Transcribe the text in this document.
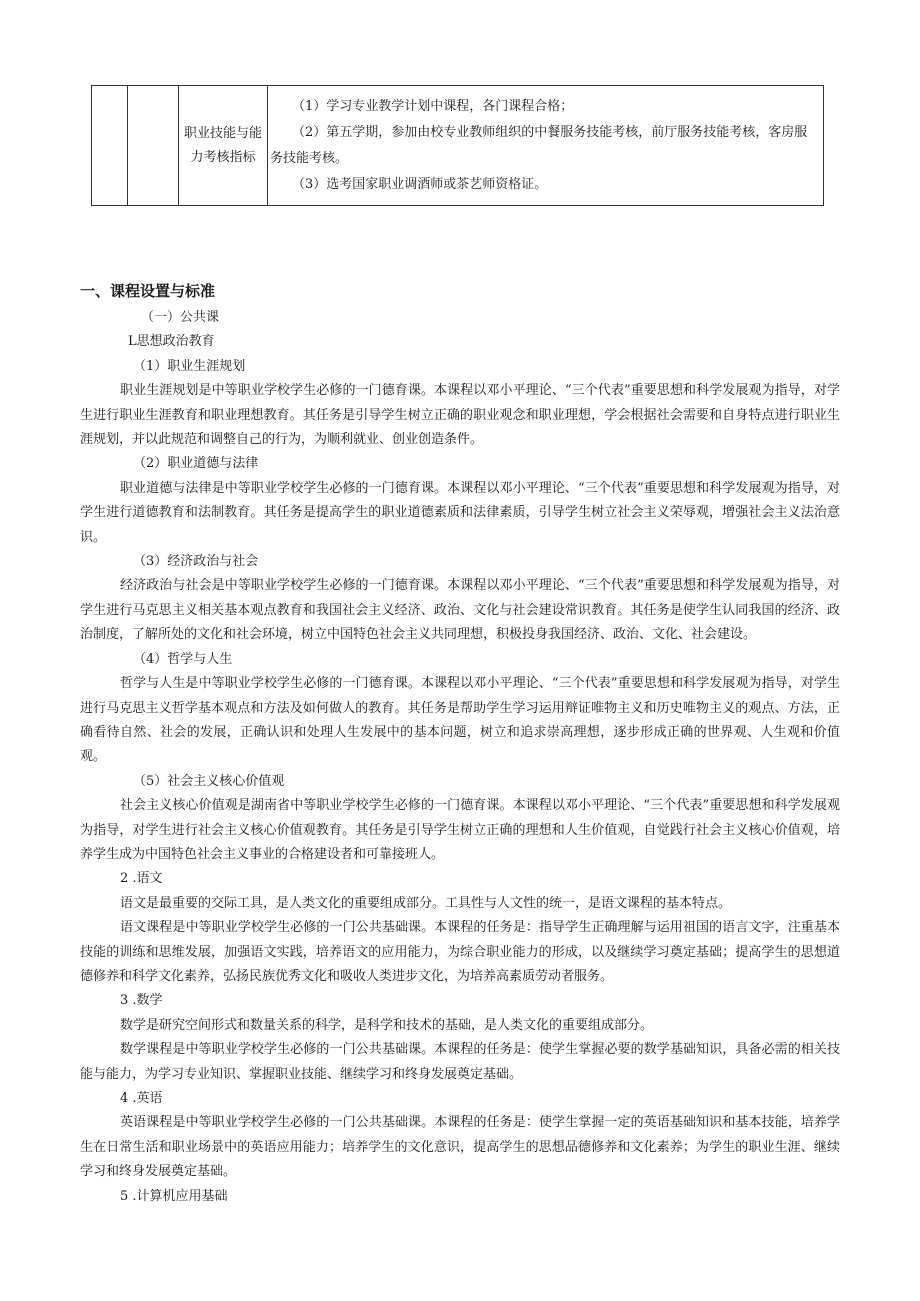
		职业技能与能力考核指标	

（1）学习专业教学计划中课程，各门课程合格；

（2）第五学期，参加由校专业教师组织的中餐服务技能考核，前厅服务技能考核，客房服务技能考核。

（3）选考国家职业调酒师或茶艺师资格证。

一、课程设置与标准

（一）公共课

L思想政治教育

（1）职业生涯规划

职业生涯规划是中等职业学校学生必修的一门德育课。本课程以邓小平理论、“三个代表”重要思想和科学发展观为指导，对学生进行职业生涯教育和职业理想教育。其任务是引导学生树立正确的职业观念和职业理想，学会根据社会需要和自身特点进行职业生涯规划，并以此规范和调整自己的行为，为顺利就业、创业创造条件。

（2）职业道德与法律

职业道德与法律是中等职业学校学生必修的一门德育课。本课程以邓小平理论、“三个代表”重要思想和科学发展观为指导，对学生进行道德教育和法制教育。其任务是提高学生的职业道德素质和法律素质，引导学生树立社会主义荣辱观，增强社会主义法治意识。

（3）经济政治与社会

经济政治与社会是中等职业学校学生必修的一门德育课。本课程以邓小平理论、“三个代表”重要思想和科学发展观为指导，对学生进行马克思主义相关基本观点教育和我国社会主义经济、政治、文化与社会建设常识教育。其任务是使学生认同我国的经济、政治制度，了解所处的文化和社会环境，树立中国特色社会主义共同理想，积极投身我国经济、政治、文化、社会建设。

（4）哲学与人生

哲学与人生是中等职业学校学生必修的一门德育课。本课程以邓小平理论、“三个代表”重要思想和科学发展观为指导，对学生进行马克思主义哲学基本观点和方法及如何做人的教育。其任务是帮助学生学习运用辩证唯物主义和历史唯物主义的观点、方法，正确看待自然、社会的发展，正确认识和处理人生发展中的基本问题，树立和追求崇高理想，逐步形成正确的世界观、人生观和价值观。

（5）社会主义核心价值观

社会主义核心价值观是湖南省中等职业学校学生必修的一门德育课。本课程以邓小平理论、“三个代表”重要思想和科学发展观为指导，对学生进行社会主义核心价值观教育。其任务是引导学生树立正确的理想和人生价值观，自觉践行社会主义核心价值观，培养学生成为中国特色社会主义事业的合格建设者和可靠接班人。

2 .语文

语文是最重要的交际工具，是人类文化的重要组成部分。工具性与人文性的统一，是语文课程的基本特点。

语文课程是中等职业学校学生必修的一门公共基础课。本课程的任务是：指导学生正确理解与运用祖国的语言文字，注重基本技能的训练和思维发展，加强语文实践，培养语文的应用能力，为综合职业能力的形成，以及继续学习奠定基础；提高学生的思想道德修养和科学文化素养，弘扬民族优秀文化和吸收人类进步文化，为培养高素质劳动者服务。

3 .数学

数学是研究空间形式和数量关系的科学，是科学和技术的基础，是人类文化的重要组成部分。

数学课程是中等职业学校学生必修的一门公共基础课。本课程的任务是：使学生掌握必要的数学基础知识，具备必需的相关技能与能力，为学习专业知识、掌握职业技能、继续学习和终身发展奠定基础。

4 .英语

英语课程是中等职业学校学生必修的一门公共基础课。本课程的任务是：使学生掌握一定的英语基础知识和基本技能，培养学生在日常生活和职业场景中的英语应用能力；培养学生的文化意识，提高学生的思想品德修养和文化素养；为学生的职业生涯、继续学习和终身发展奠定基础。

5 .计算机应用基础
